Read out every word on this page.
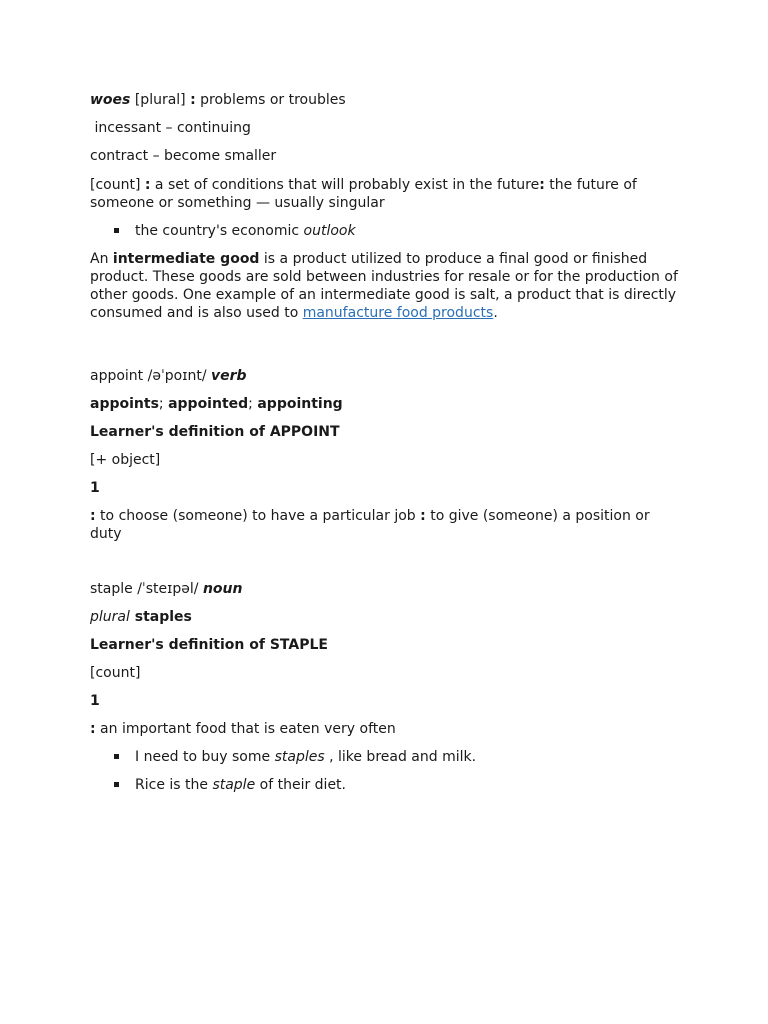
woes [plural] : problems or troubles

incessant – continuing

contract – become smaller

[count] : a set of conditions that will probably exist in the future: the future of someone or something — usually singular

the country's economic outlook

An intermediate good is a product utilized to produce a final good or finished product. These goods are sold between industries for resale or for the production of other goods. One example of an intermediate good is salt, a product that is directly consumed and is also used to manufacture food products.

appoint /əˈpoɪnt/ verb

appoints; appointed; appointing

Learner's definition of APPOINT

[+ object]

1

: to choose (someone) to have a particular job : to give (someone) a position or duty

staple /ˈsteɪpəl/ noun

plural staples

Learner's definition of STAPLE

[count]

1

: an important food that is eaten very often

I need to buy some staples , like bread and milk.
Rice is the staple of their diet.
